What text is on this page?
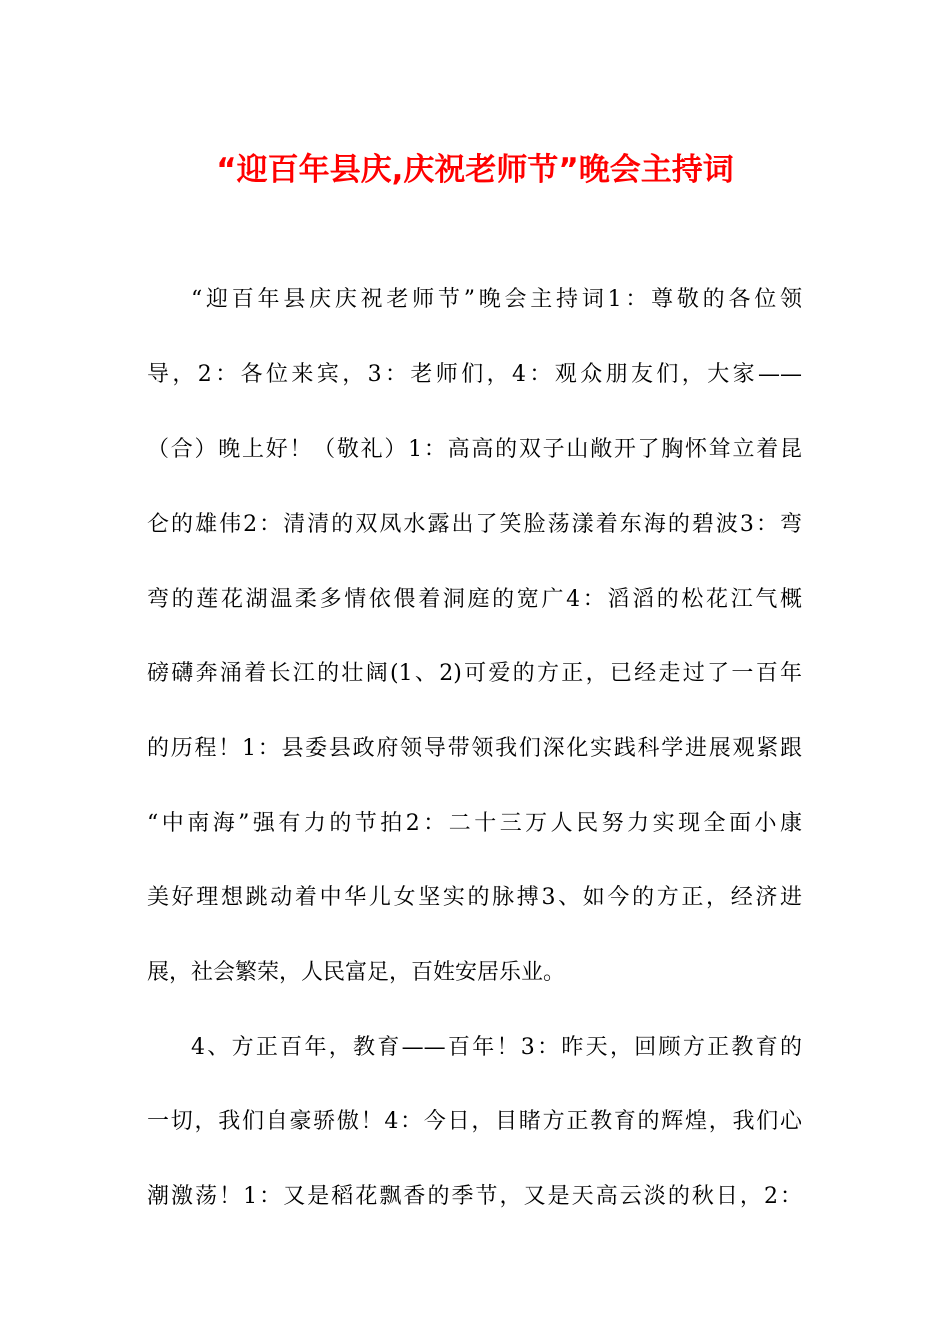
“迎百年县庆,庆祝老师节”晚会主持词
“迎百年县庆庆祝老师节”晚会主持词1：尊敬的各位领
导，2：各位来宾，3：老师们，4：观众朋友们，大家——
（合）晚上好！（敬礼）1：高高的双子山敞开了胸怀耸立着昆
仑的雄伟2：清清的双凤水露出了笑脸荡漾着东海的碧波3：弯
弯的莲花湖温柔多情依偎着洞庭的宽广4：滔滔的松花江气概
磅礴奔涌着长江的壮阔(1、2)可爱的方正，已经走过了一百年
的历程！1：县委县政府领导带领我们深化实践科学进展观紧跟
“中南海”强有力的节拍2：二十三万人民努力实现全面小康
美好理想跳动着中华儿女坚实的脉搏3、如今的方正，经济进
展，社会繁荣，人民富足，百姓安居乐业。
4、方正百年，教育——百年！3：昨天，回顾方正教育的
一切，我们自豪骄傲！4：今日，目睹方正教育的辉煌，我们心
潮激荡！1：又是稻花飘香的季节，又是天高云淡的秋日，2：
